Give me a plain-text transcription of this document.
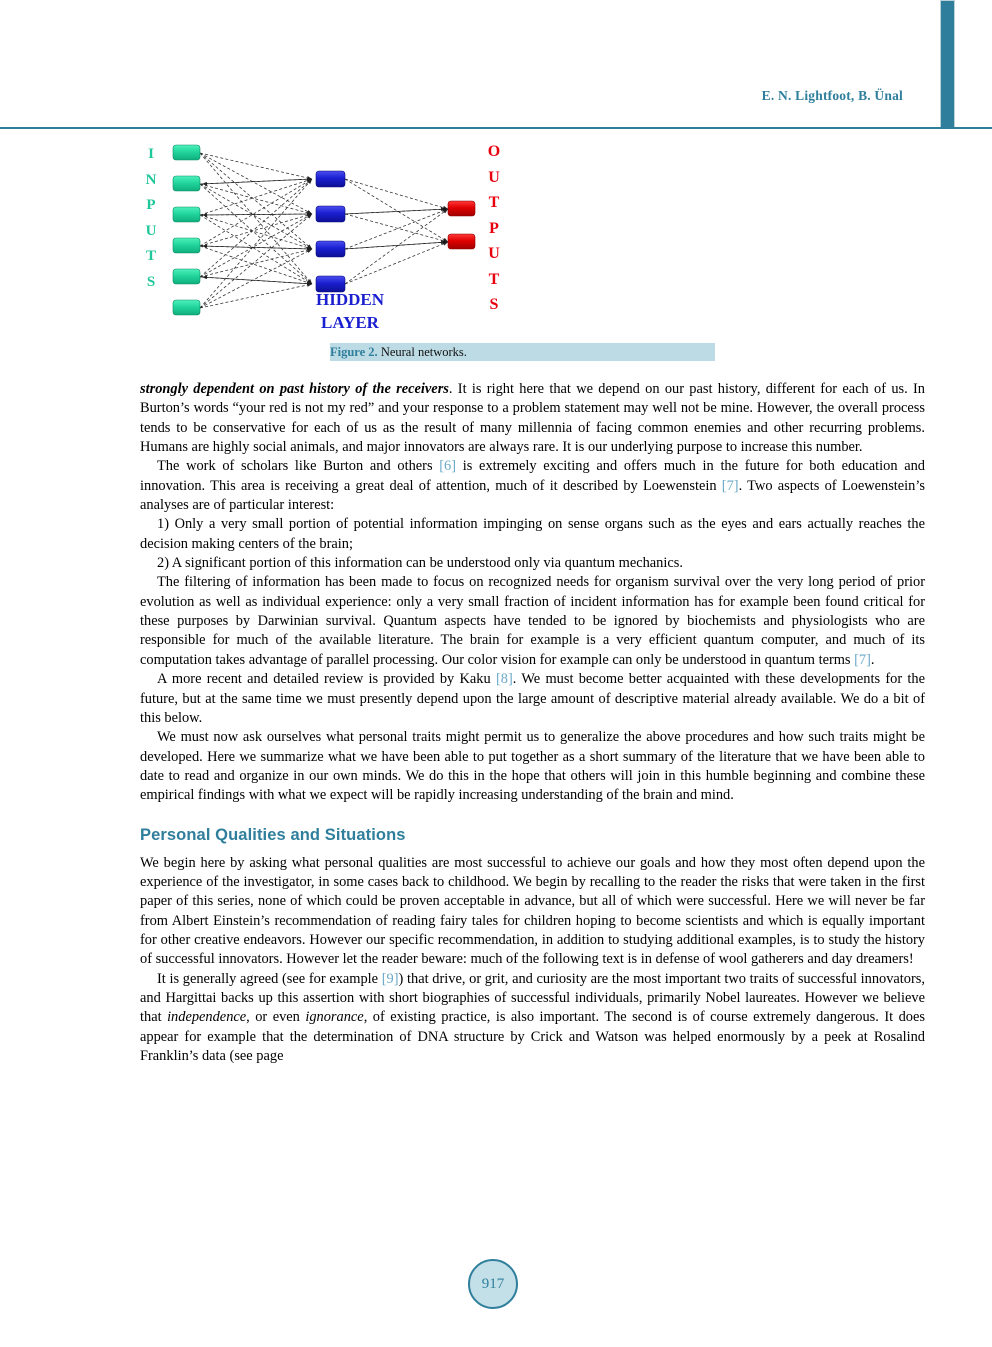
E. N. Lightfoot, B. Ünal
I
N
P
U
T
S
HIDDEN
LAYER
O
U
T
P
U
T
S
Figure 2. Neural networks.

strongly dependent on past history of the receivers. It is right here that we depend on our past history, different for each of us. In Burton’s words “your red is not my red” and your response to a problem statement may well not be mine. However, the overall process tends to be conservative for each of us as the result of many millennia of facing common enemies and other recurring problems. Humans are highly social animals, and major innovators are always rare. It is our underlying purpose to increase this number.

The work of scholars like Burton and others [6] is extremely exciting and offers much in the future for both education and innovation. This area is receiving a great deal of attention, much of it described by Loewenstein [7]. Two aspects of Loewenstein’s analyses are of particular interest:

1) Only a very small portion of potential information impinging on sense organs such as the eyes and ears actually reaches the decision making centers of the brain;

2) A significant portion of this information can be understood only via quantum mechanics.

The filtering of information has been made to focus on recognized needs for organism survival over the very long period of prior evolution as well as individual experience: only a very small fraction of incident information has for example been found critical for these purposes by Darwinian survival. Quantum aspects have tended to be ignored by biochemists and physiologists who are responsible for much of the available literature. The brain for example is a very efficient quantum computer, and much of its computation takes advantage of parallel processing. Our color vision for example can only be understood in quantum terms [7].

A more recent and detailed review is provided by Kaku [8]. We must become better acquainted with these developments for the future, but at the same time we must presently depend upon the large amount of descriptive material already available. We do a bit of this below.

We must now ask ourselves what personal traits might permit us to generalize the above procedures and how such traits might be developed. Here we summarize what we have been able to put together as a short summary of the literature that we have been able to date to read and organize in our own minds. We do this in the hope that others will join in this humble beginning and combine these empirical findings with what we expect will be rapidly increasing understanding of the brain and mind.

Personal Qualities and Situations

We begin here by asking what personal qualities are most successful to achieve our goals and how they most often depend upon the experience of the investigator, in some cases back to childhood. We begin by recalling to the reader the risks that were taken in the first paper of this series, none of which could be proven acceptable in advance, but all of which were successful. Here we will never be far from Albert Einstein’s recommendation of reading fairy tales for children hoping to become scientists and which is equally important for other creative endeavors. However our specific recommendation, in addition to studying additional examples, is to study the history of successful innovators. However let the reader beware: much of the following text is in defense of wool gatherers and day dreamers!

It is generally agreed (see for example [9]) that drive, or grit, and curiosity are the most important two traits of successful innovators, and Hargittai backs up this assertion with short biographies of successful individuals, primarily Nobel laureates. However we believe that independence, or even ignorance, of existing practice, is also important. The second is of course extremely dangerous. It does appear for example that the determination of DNA structure by Crick and Watson was helped enormously by a peek at Rosalind Franklin’s data (see page

917
